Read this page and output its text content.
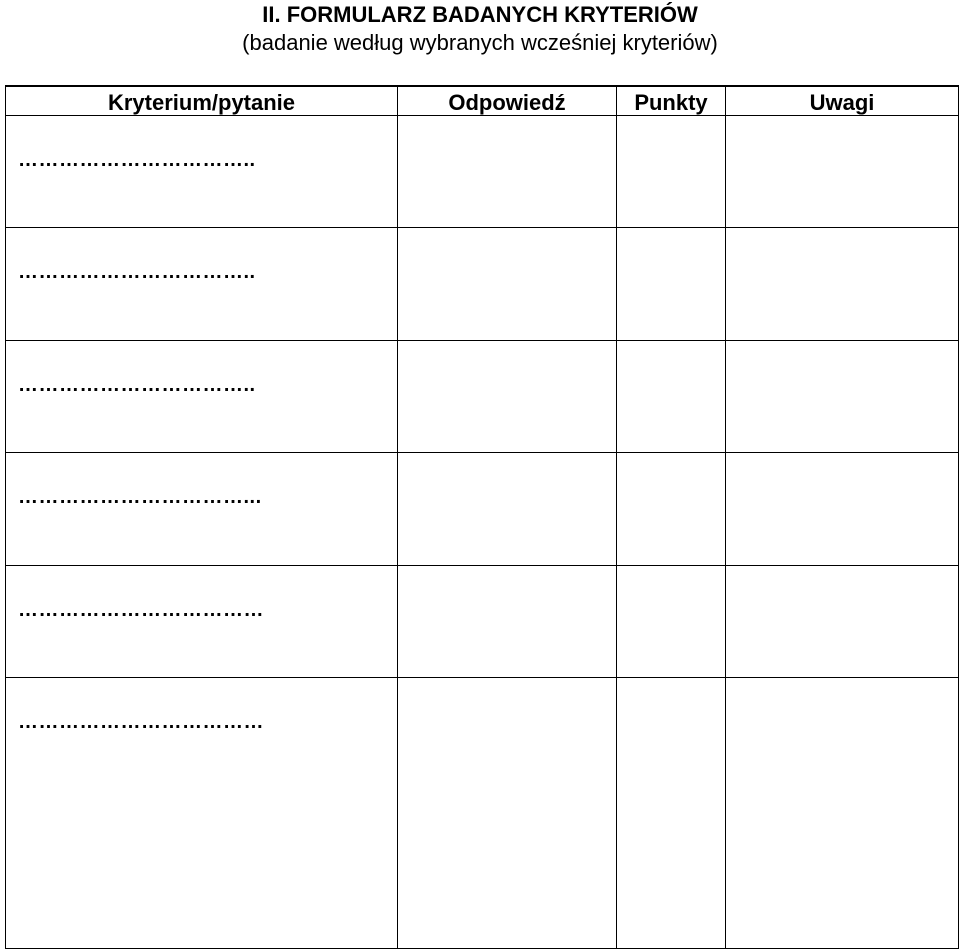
II. FORMULARZ BADANYCH KRYTERIÓW
(badanie według wybranych wcześniej kryteriów)
Kryterium/pytanie	Odpowiedź	Punkty	Uwagi

……………………………..			

……………………………..			

……………………………..			

……………………………...			

………………………………			

………………………………			
